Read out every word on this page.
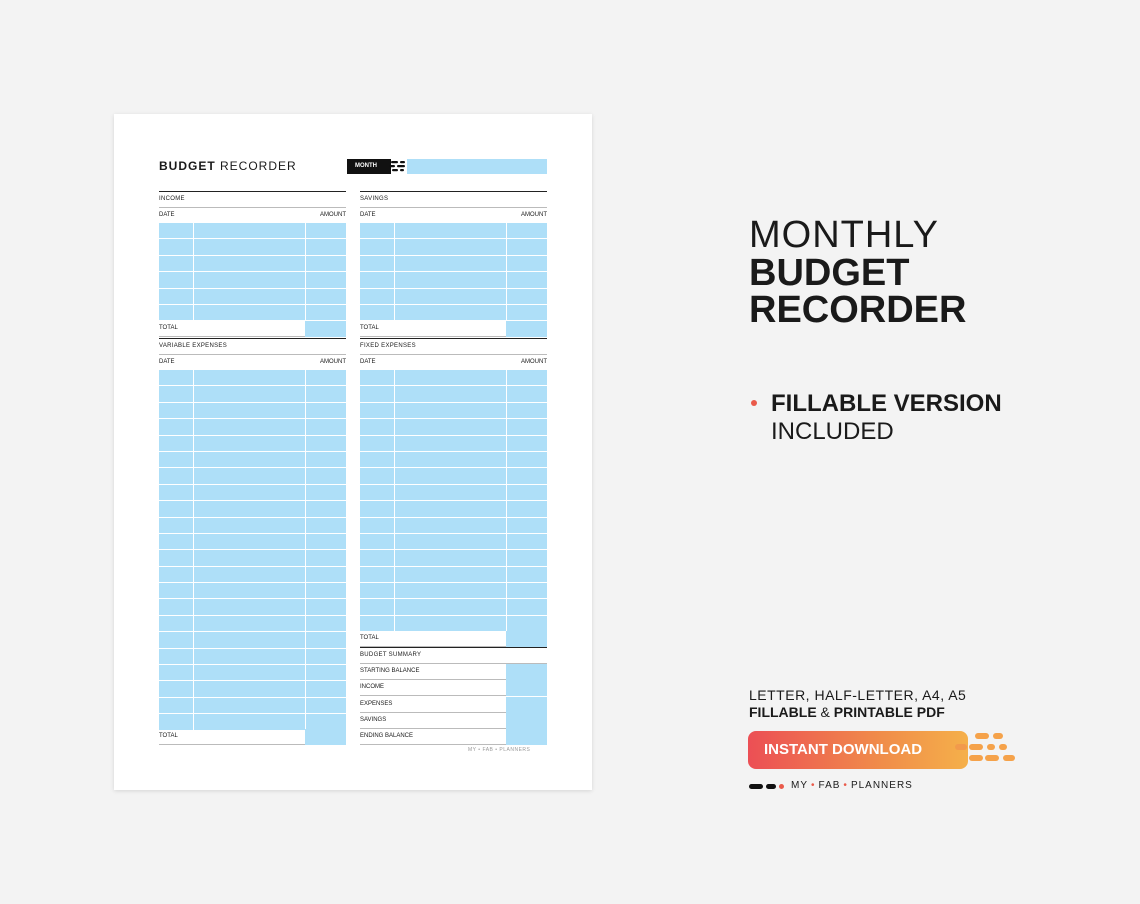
BUDGET RECORDER	MONTH
INCOME
DATE	AMOUNT
TOTAL
VARIABLE EXPENSES
DATE	AMOUNT
TOTAL
SAVINGS
DATE	AMOUNT
TOTAL
FIXED EXPENSES
DATE	AMOUNT
TOTAL
BUDGET SUMMARY
STARTING BALANCE
INCOME
EXPENSES
SAVINGS
ENDING BALANCE
MY • FAB • PLANNERS
MONTHLY
BUDGET
RECORDER
FILLABLE VERSION
INCLUDED
LETTER, HALF-LETTER, A4, A5
FILLABLE & PRINTABLE PDF
INSTANT DOWNLOAD
MY • FAB • PLANNERS
